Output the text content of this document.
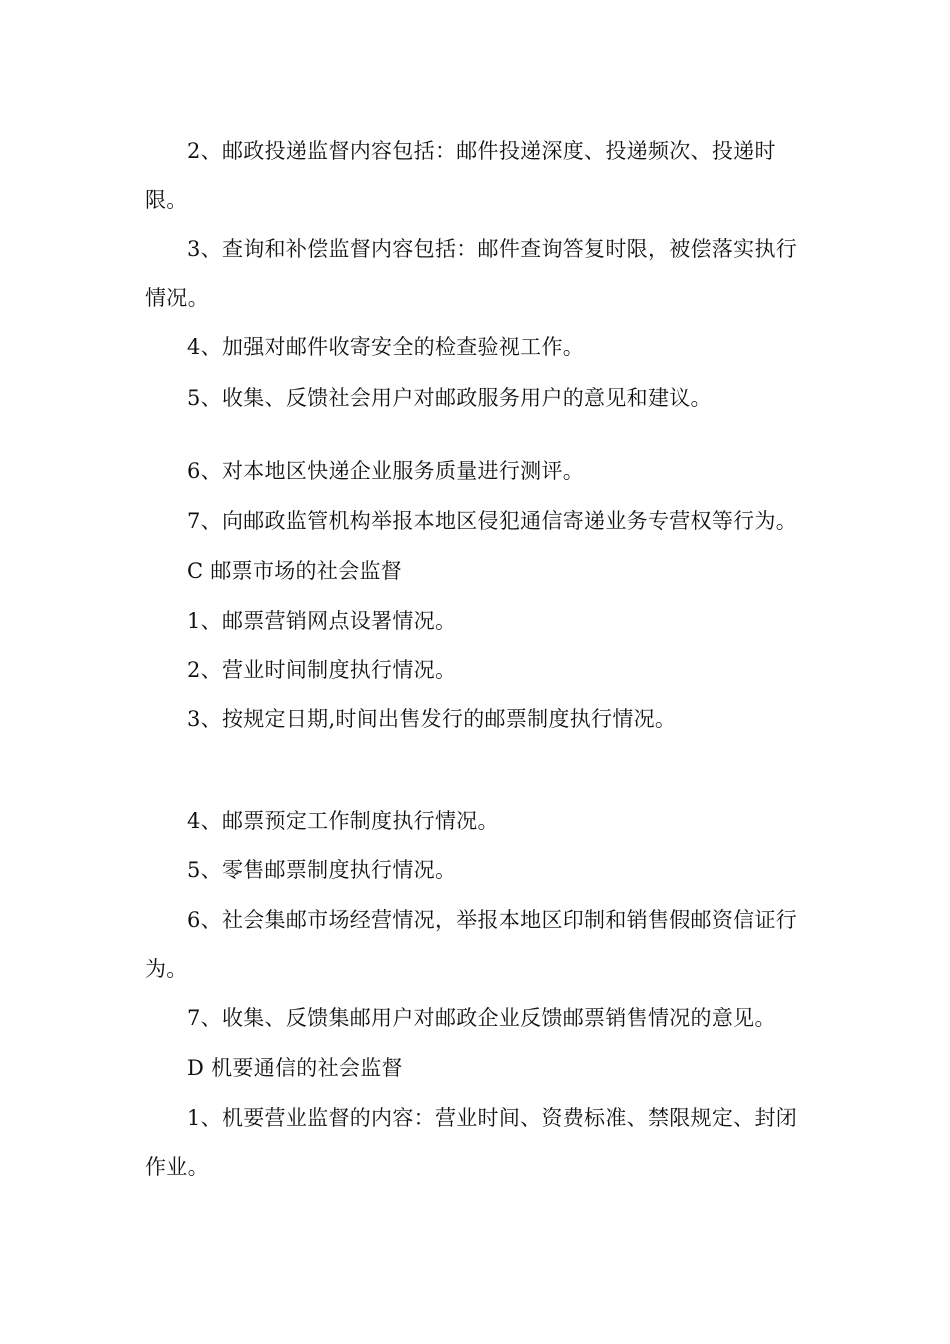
2、邮政投递监督内容包括：邮件投递深度、投递频次、投递时限。

3、查询和补偿监督内容包括：邮件查询答复时限，被偿落实执行情况。

4、加强对邮件收寄安全的检查验视工作。

5、收集、反馈社会用户对邮政服务用户的意见和建议。

6、对本地区快递企业服务质量进行测评。

7、向邮政监管机构举报本地区侵犯通信寄递业务专营权等行为。

C 邮票市场的社会监督

1、邮票营销网点设署情况。

2、营业时间制度执行情况。

3、按规定日期,时间出售发行的邮票制度执行情况。

4、邮票预定工作制度执行情况。

5、零售邮票制度执行情况。

6、社会集邮市场经营情况，举报本地区印制和销售假邮资信证行为。

7、收集、反馈集邮用户对邮政企业反馈邮票销售情况的意见。

D 机要通信的社会监督

1、机要营业监督的内容：营业时间、资费标准、禁限规定、封闭作业。
